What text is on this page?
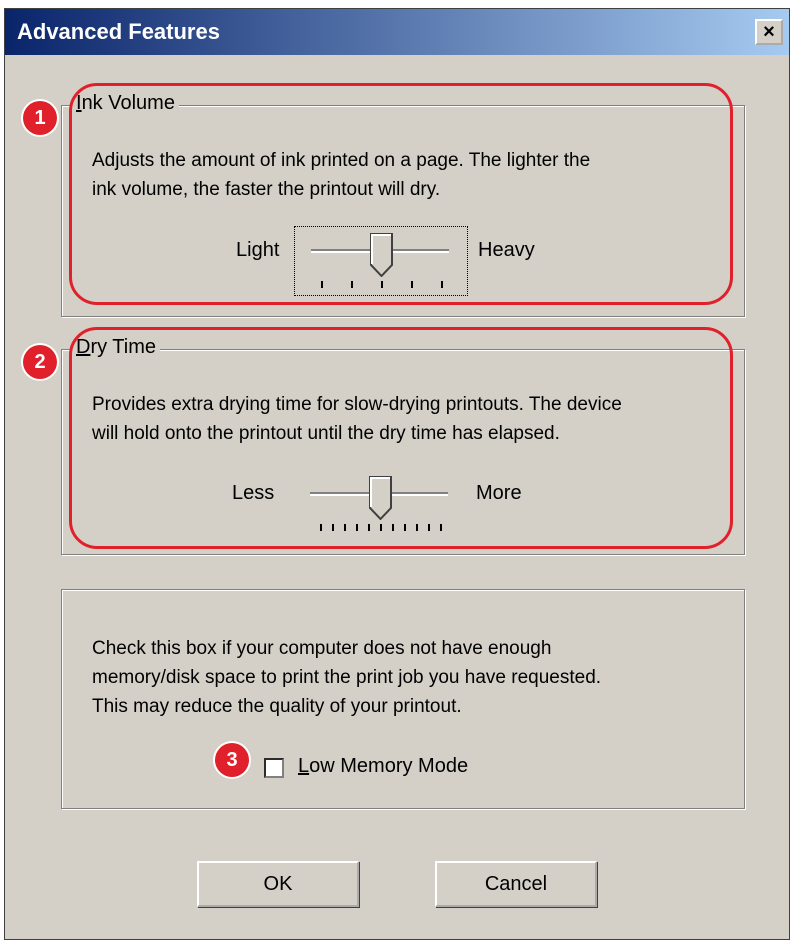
Advanced Features	×
Ink Volume
Adjusts the amount of ink printed on a page. The lighter the
ink volume, the faster the printout will dry.
Light	Heavy
Dry Time
Provides extra drying time for slow-drying printouts. The device
will hold onto the printout until the dry time has elapsed.
Less	More
Check this box if your computer does not have enough
memory/disk space to print the print job you have requested.
This may reduce the quality of your printout.
Low Memory Mode
OK	Cancel
1
2
3
